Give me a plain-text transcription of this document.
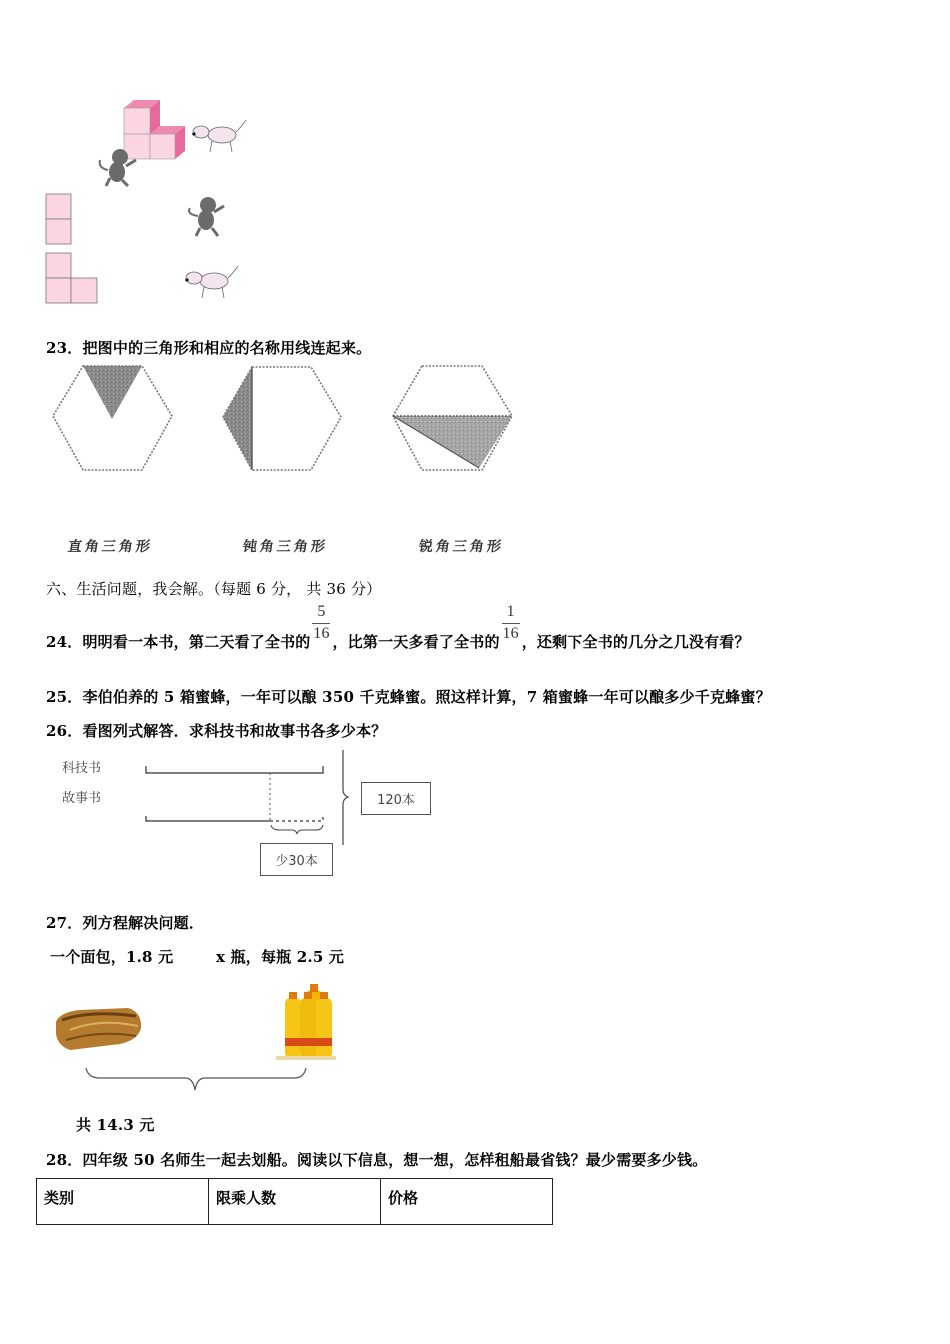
23．把图中的三角形和相应的名称用线连起来。
直角三角形	钝角三角形	锐角三角形
六、生活问题，我会解。（每题 6 分， 共 36 分）
24．明明看一本书，第二天看了全书的 $\frac{5}{16}$ ，比第一天多看了全书的 $\frac{1}{16}$ ，还剩下全书的几分之几没有看？
25．李伯伯养的 5 箱蜜蜂，一年可以酿 350 千克蜂蜜。照这样计算，7 箱蜜蜂一年可以酿多少千克蜂蜜？
26．看图列式解答．求科技书和故事书各多少本？
科技书
故事书	120本
少30本
27．列方程解决问题．
一个面包，1.8 元	x 瓶，每瓶 2.5 元
共 14.3 元
28．四年级 50 名师生一起去划船。阅读以下信息，想一想，怎样租船最省钱？最少需要多少钱。
类别	限乘人数	价格
